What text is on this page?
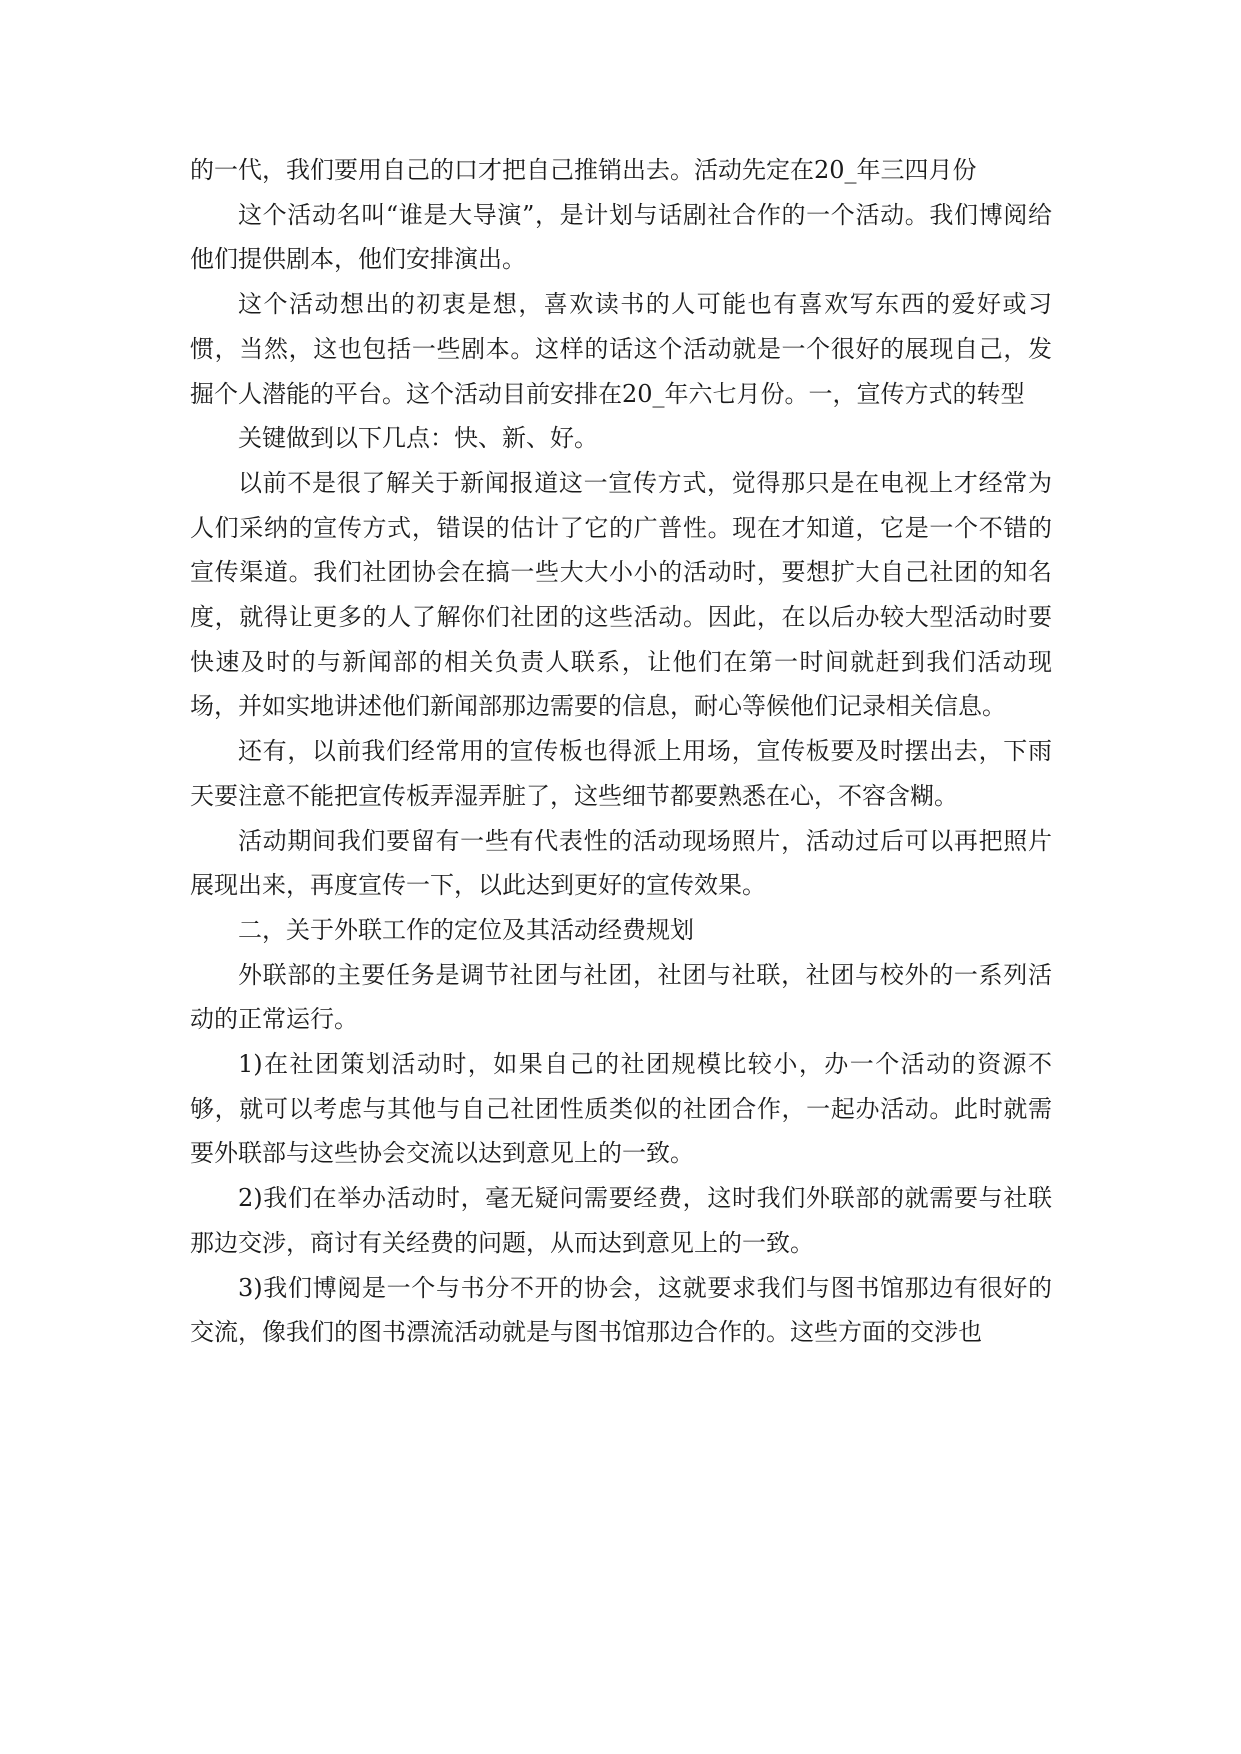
的一代，我们要用自己的口才把自己推销出去。活动先定在20_年三四月份

这个活动名叫“谁是大导演”，是计划与话剧社合作的一个活动。我们博阅给他们提供剧本，他们安排演出。

这个活动想出的初衷是想，喜欢读书的人可能也有喜欢写东西的爱好或习惯，当然，这也包括一些剧本。这样的话这个活动就是一个很好的展现自己，发掘个人潜能的平台。这个活动目前安排在20_年六七月份。一，宣传方式的转型

关键做到以下几点：快、新、好。

以前不是很了解关于新闻报道这一宣传方式，觉得那只是在电视上才经常为人们采纳的宣传方式，错误的估计了它的广普性。现在才知道，它是一个不错的宣传渠道。我们社团协会在搞一些大大小小的活动时，要想扩大自己社团的知名度，就得让更多的人了解你们社团的这些活动。因此，在以后办较大型活动时要快速及时的与新闻部的相关负责人联系，让他们在第一时间就赶到我们活动现场，并如实地讲述他们新闻部那边需要的信息，耐心等候他们记录相关信息。

还有，以前我们经常用的宣传板也得派上用场，宣传板要及时摆出去，下雨天要注意不能把宣传板弄湿弄脏了，这些细节都要熟悉在心，不容含糊。

活动期间我们要留有一些有代表性的活动现场照片，活动过后可以再把照片展现出来，再度宣传一下，以此达到更好的宣传效果。

二，关于外联工作的定位及其活动经费规划

外联部的主要任务是调节社团与社团，社团与社联，社团与校外的一系列活动的正常运行。

1)在社团策划活动时，如果自己的社团规模比较小，办一个活动的资源不够，就可以考虑与其他与自己社团性质类似的社团合作，一起办活动。此时就需要外联部与这些协会交流以达到意见上的一致。

2)我们在举办活动时，毫无疑问需要经费，这时我们外联部的就需要与社联那边交涉，商讨有关经费的问题，从而达到意见上的一致。

3)我们博阅是一个与书分不开的协会，这就要求我们与图书馆那边有很好的交流，像我们的图书漂流活动就是与图书馆那边合作的。这些方面的交涉也
